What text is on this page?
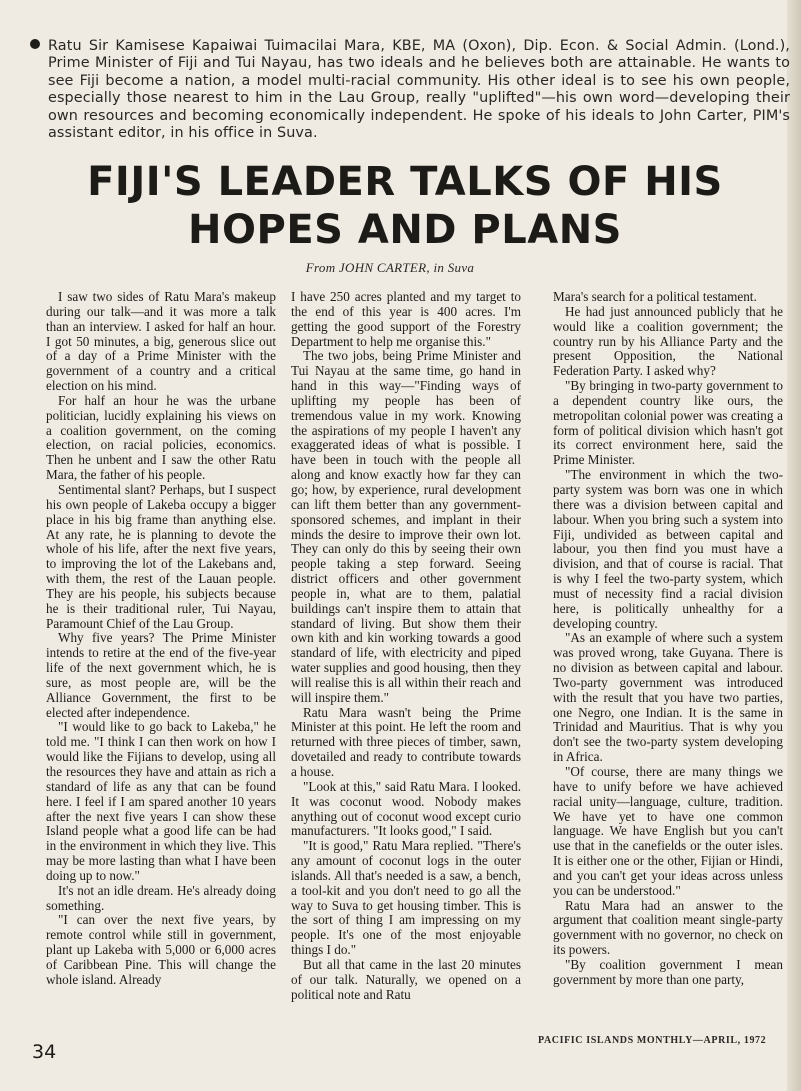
Ratu Sir Kamisese Kapaiwai Tuimacilai Mara, KBE, MA (Oxon), Dip. Econ. & Social Admin. (Lond.), Prime Minister of Fiji and Tui Nayau, has two ideals and he believes both are attainable. He wants to see Fiji become a nation, a model multi-racial community. His other ideal is to see his own people, especially those nearest to him in the Lau Group, really "uplifted"—his own word—developing their own resources and becoming economically independent. He spoke of his ideals to John Carter, PIM's assistant editor, in his office in Suva.
FIJI'S LEADER TALKS OF HIS
HOPES AND PLANS
From JOHN CARTER, in Suva

I saw two sides of Ratu Mara's makeup during our talk—and it was more a talk than an interview. I asked for half an hour. I got 50 minutes, a big, generous slice out of a day of a Prime Minister with the government of a country and a critical election on his mind.

For half an hour he was the urbane politician, lucidly explaining his views on a coalition government, on the coming election, on racial policies, economics. Then he unbent and I saw the other Ratu Mara, the father of his people.

Sentimental slant? Perhaps, but I suspect his own people of Lakeba occupy a bigger place in his big frame than anything else. At any rate, he is planning to devote the whole of his life, after the next five years, to improving the lot of the Lakebans and, with them, the rest of the Lauan people. They are his people, his subjects because he is their traditional ruler, Tui Nayau, Paramount Chief of the Lau Group.

Why five years? The Prime Minister intends to retire at the end of the five-year life of the next government which, he is sure, as most people are, will be the Alliance Government, the first to be elected after independence.

"I would like to go back to Lakeba," he told me. "I think I can then work on how I would like the Fijians to develop, using all the resources they have and attain as rich a standard of life as any that can be found here. I feel if I am spared another 10 years after the next five years I can show these Island people what a good life can be had in the environment in which they live. This may be more lasting than what I have been doing up to now."

It's not an idle dream. He's already doing something.

"I can over the next five years, by remote control while still in government, plant up Lakeba with 5,000 or 6,000 acres of Caribbean Pine. This will change the whole island. Already

I have 250 acres planted and my target to the end of this year is 400 acres. I'm getting the good support of the Forestry Department to help me organise this."

The two jobs, being Prime Minister and Tui Nayau at the same time, go hand in hand in this way—"Finding ways of uplifting my people has been of tremendous value in my work. Knowing the aspirations of my people I haven't any exaggerated ideas of what is possible. I have been in touch with the people all along and know exactly how far they can go; how, by experience, rural development can lift them better than any government-sponsored schemes, and implant in their minds the desire to improve their own lot. They can only do this by seeing their own people taking a step forward. Seeing district officers and other government people in, what are to them, palatial buildings can't inspire them to attain that standard of living. But show them their own kith and kin working towards a good standard of life, with electricity and piped water supplies and good housing, then they will realise this is all within their reach and will inspire them."

Ratu Mara wasn't being the Prime Minister at this point. He left the room and returned with three pieces of timber, sawn, dovetailed and ready to contribute towards a house.

"Look at this," said Ratu Mara. I looked. It was coconut wood. Nobody makes anything out of coconut wood except curio manufacturers. "It looks good," I said.

"It is good," Ratu Mara replied. "There's any amount of coconut logs in the outer islands. All that's needed is a saw, a bench, a tool-kit and you don't need to go all the way to Suva to get housing timber. This is the sort of thing I am impressing on my people. It's one of the most enjoyable things I do."

But all that came in the last 20 minutes of our talk. Naturally, we opened on a political note and Ratu

Mara's search for a political testament.

He had just announced publicly that he would like a coalition government; the country run by his Alliance Party and the present Opposition, the National Federation Party. I asked why?

"By bringing in two-party government to a dependent country like ours, the metropolitan colonial power was creating a form of political division which hasn't got its correct environment here, said the Prime Minister.

"The environment in which the two-party system was born was one in which there was a division between capital and labour. When you bring such a system into Fiji, undivided as between capital and labour, you then find you must have a division, and that of course is racial. That is why I feel the two-party system, which must of necessity find a racial division here, is politically unhealthy for a developing country.

"As an example of where such a system was proved wrong, take Guyana. There is no division as between capital and labour. Two-party government was introduced with the result that you have two parties, one Negro, one Indian. It is the same in Trinidad and Mauritius. That is why you don't see the two-party system developing in Africa.

"Of course, there are many things we have to unify before we have achieved racial unity—language, culture, tradition. We have yet to have one common language. We have English but you can't use that in the canefields or the outer isles. It is either one or the other, Fijian or Hindi, and you can't get your ideas across unless you can be understood."

Ratu Mara had an answer to the argument that coalition meant single-party government with no governor, no check on its powers.

"By coalition government I mean government by more than one party,

34
PACIFIC ISLANDS MONTHLY—APRIL, 1972
